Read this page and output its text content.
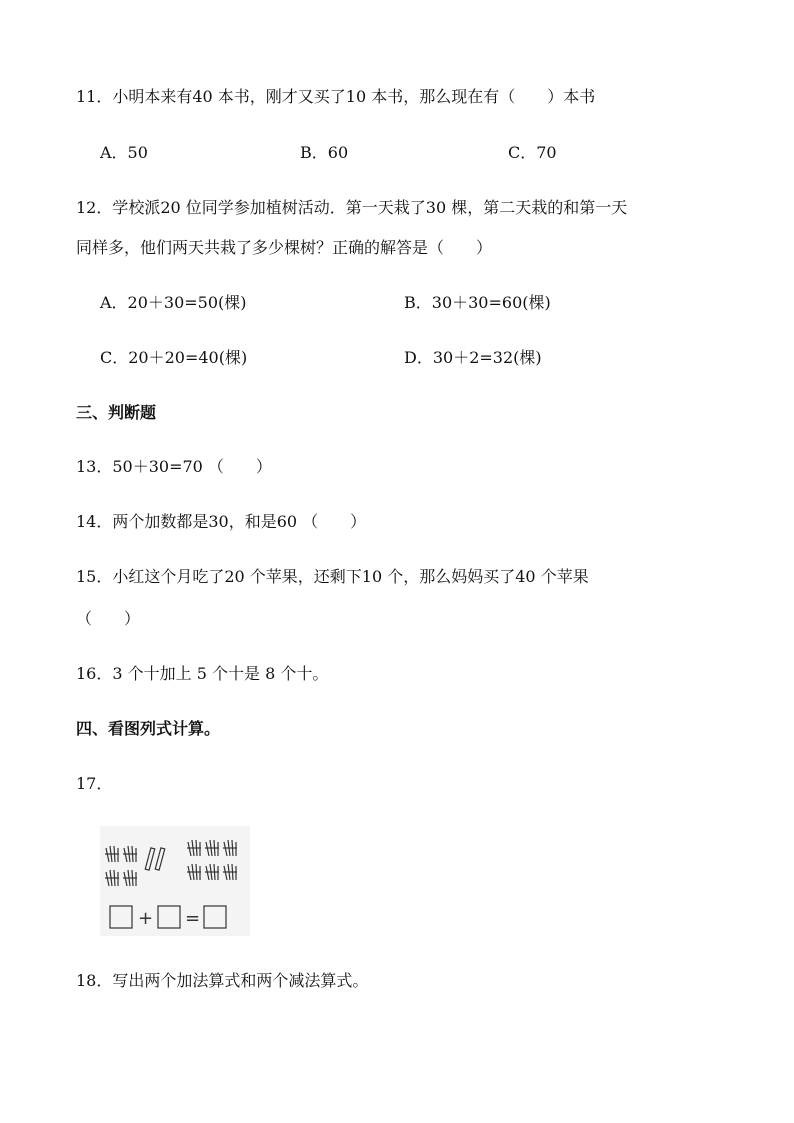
11．小明本来有40 本书，刚才又买了10 本书，那么现在有（　　）本书
A．50	B．60	C．70
12．学校派20 位同学参加植树活动．第一天栽了30 棵，第二天栽的和第一天
同样多，他们两天共栽了多少棵树？正确的解答是（　　）
A．20＋30=50(棵)	B．30＋30=60(棵)
C．20＋20=40(棵)	D．30＋2=32(棵)
三、判断题
13．50＋30=70 （　　）
14．两个加数都是30，和是60 （　　）
15．小红这个月吃了20 个苹果，还剩下10 个，那么妈妈买了40 个苹果
（　　）
16．3 个十加上 5 个十是 8 个十。
四、看图列式计算。
17．
+ =
18．写出两个加法算式和两个减法算式。
